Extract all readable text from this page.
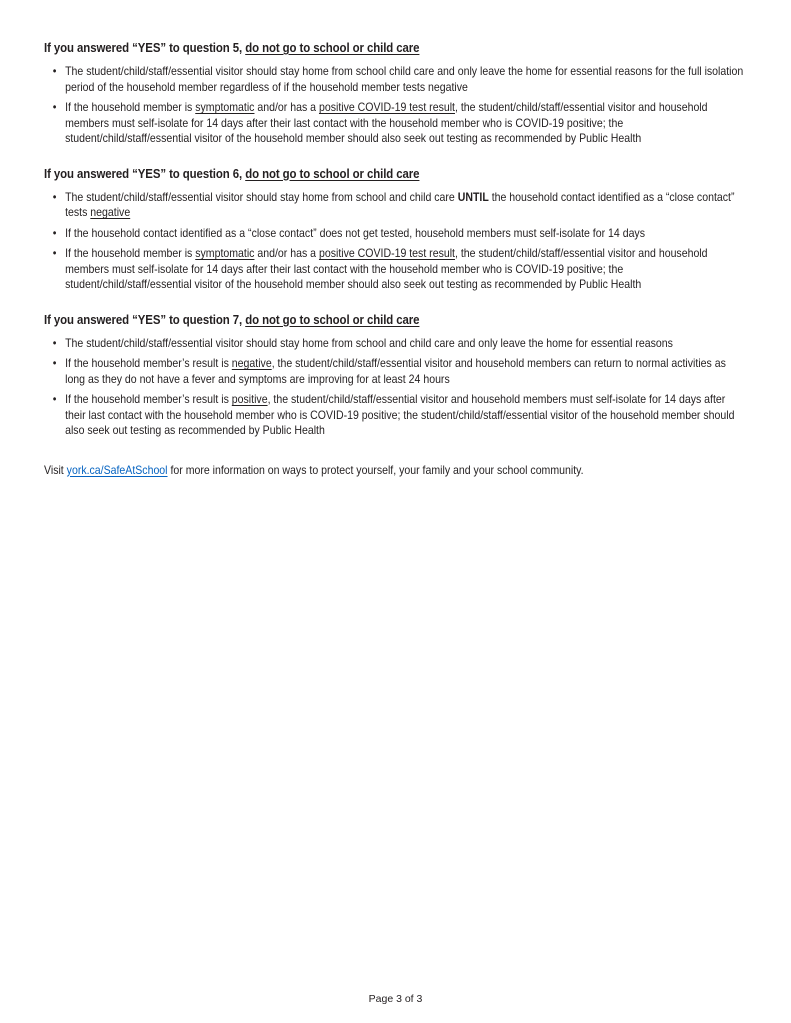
If you answered “YES” to question 5, do not go to school or child care
• The student/child/staff/essential visitor should stay home from school child care and only leave the home for essential reasons for the full isolation period of the household member regardless of if the household member tests negative
• If the household member is symptomatic and/or has a positive COVID-19 test result, the student/child/staff/essential visitor and household members must self-isolate for 14 days after their last contact with the household member who is COVID-19 positive; the student/child/staff/essential visitor of the household member should also seek out testing as recommended by Public Health
If you answered “YES” to question 6, do not go to school or child care
• The student/child/staff/essential visitor should stay home from school and child care UNTIL the household contact identified as a “close contact” tests negative
• If the household contact identified as a “close contact” does not get tested, household members must self-isolate for 14 days
• If the household member is symptomatic and/or has a positive COVID-19 test result, the student/child/staff/essential visitor and household members must self-isolate for 14 days after their last contact with the household member who is COVID-19 positive; the student/child/staff/essential visitor of the household member should also seek out testing as recommended by Public Health
If you answered “YES” to question 7, do not go to school or child care
• The student/child/staff/essential visitor should stay home from school and child care and only leave the home for essential reasons
• If the household member’s result is negative, the student/child/staff/essential visitor and household members can return to normal activities as long as they do not have a fever and symptoms are improving for at least 24 hours
• If the household member’s result is positive, the student/child/staff/essential visitor and household members must self-isolate for 14 days after their last contact with the household member who is COVID-19 positive; the student/child/staff/essential visitor of the household member should also seek out testing as recommended by Public Health

Visit york.ca/SafeAtSchool for more information on ways to protect yourself, your family and your school community.

Page 3 of 3
